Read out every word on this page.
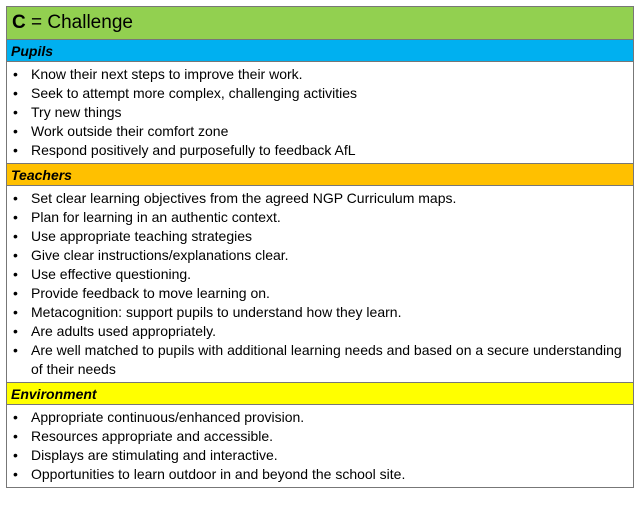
C = Challenge
Pupils
• Know their next steps to improve their work.
• Seek to attempt more complex, challenging activities
• Try new things
• Work outside their comfort zone
• Respond positively and purposefully to feedback AfL
Teachers
• Set clear learning objectives from the agreed NGP Curriculum maps.
• Plan for learning in an authentic context.
• Use appropriate teaching strategies
• Give clear instructions/explanations clear.
• Use effective questioning.
• Provide feedback to move learning on.
• Metacognition: support pupils to understand how they learn.
• Are adults used appropriately.
• Are well matched to pupils with additional learning needs and based on a secure understanding of their needs
Environment
• Appropriate continuous/enhanced provision.
• Resources appropriate and accessible.
• Displays are stimulating and interactive.
• Opportunities to learn outdoor in and beyond the school site.
